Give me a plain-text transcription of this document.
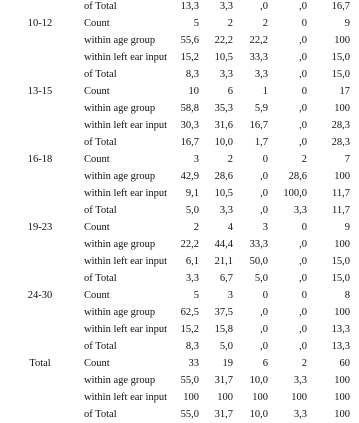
of Total	13,3 3,3	,0	,0 16,7
10-12	Count	5	2	2	0	9
within age group 55,6 22,2 22,2	,0	100
within left ear input 15,2 10,5 33,3	,0 15,0
of Total	8,3 3,3 3,3	,0 15,0
13-15	Count	10	6	1	0	17
within age group 58,8 35,3 5,9	,0	100
within left ear input 30,3 31,6 16,7	,0 28,3
of Total	16,7 10,0 1,7	,0 28,3
16-18	Count	3	2	0	2	7
within age group 42,9 28,6	,0 28,6	100
within left ear input 9,1 10,5	,0 100,0 11,7
of Total	5,0 3,3	,0 3,3 11,7
19-23	Count	2	4	3	0	9
within age group 22,2 44,4 33,3	,0	100
within left ear input 6,1 21,1 50,0	,0 15,0
of Total	3,3 6,7 5,0	,0 15,0
24-30	Count	5	3	0	0	8
within age group 62,5 37,5	,0	,0	100
within left ear input 15,2 15,8	,0	,0 13,3
of Total	8,3 5,0	,0	,0 13,3
Total	Count	33 19	6	2	60
within age group 55,0 31,7 10,0 3,3	100
within left ear input 100 100 100 100	100
of Total	55,0 31,7 10,0 3,3	100
